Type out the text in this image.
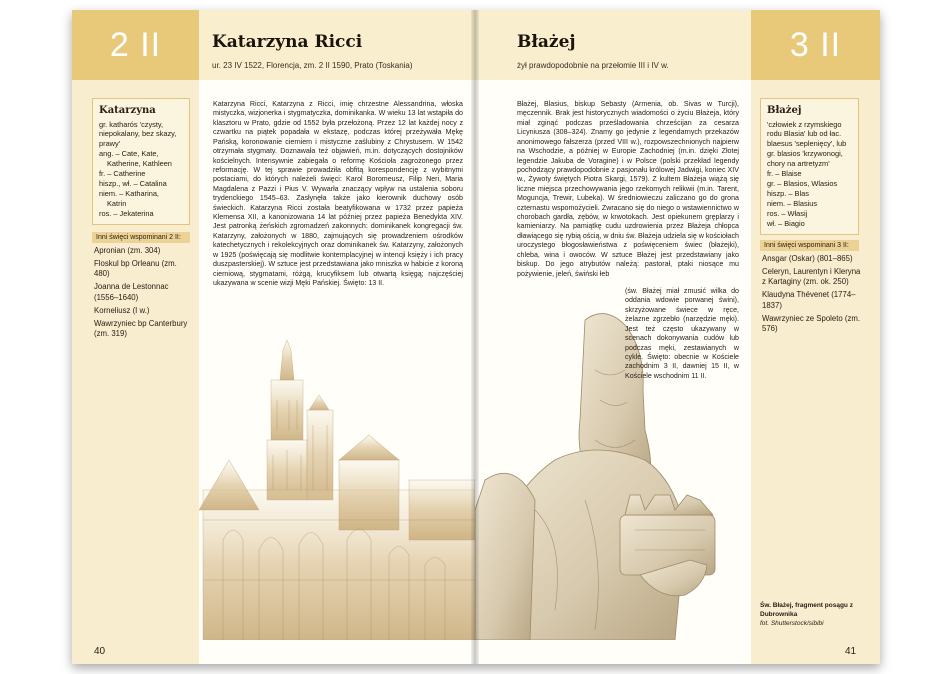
2 II	Katarzyna Ricci
ur. 23 IV 1522, Florencja, zm. 2 II 1590, Prato (Toskania)
Katarzyna
gr. katharós 'czysty,
niepokalany, bez skazy,
prawy'
ang. – Cate, Kate,
Katherine, Kathleen
fr. – Catherine
hiszp., wł. – Catalina
niem. – Katharina,
Katrin
ros. – Jekaterina
Inni święci wspominani 2 II:
Apronian (zm. 304)
Floskul bp Orleanu (zm. 480)
Joanna de Lestonnac (1556–1640)
Korneliusz (I w.)
Wawrzyniec bp Canterbury (zm. 319)

Katarzyna Ricci, Katarzyna z Ricci, imię chrzestne Alessandrina, włoska mistyczka, wizjonerka i stygmatyczka, dominikanka. W wieku 13 lat wstąpiła do klasztoru w Prato, gdzie od 1552 była przełożoną. Przez 12 lat każdej nocy z czwartku na piątek popadała w ekstazę, podczas której przeżywała Mękę Pańską, koronowanie cierniem i mistyczne zaślubiny z Chrystusem. W 1542 otrzymała stygmaty. Doznawała też objawień, m.in. dotyczących dostojników kościelnych. Intensywnie zabiegała o reformę Kościoła zagrożonego przez reformację. W tej sprawie prowadziła obfitą korespondencję z wybitnymi postaciami, do których należeli święci: Karol Boromeusz, Filip Neri, Maria Magdalena z Pazzi i Pius V. Wywarła znaczący wpływ na ustalenia soboru trydenckiego 1545–63. Zasłynęła także jako kierownik duchowy osób świeckich. Katarzyna Ricci została beatyfikowana w 1732 przez papieża Klemensa XII, a kanonizowana 14 lat później przez papieża Benedykta XIV. Jest patronką żeńskich zgromadzeń zakonnych: dominikanek kongregacji św. Katarzyny, założonych w 1880, zajmujących się prowadzeniem ośrodków katechetycznych i rekolekcyjnych oraz dominikanek św. Katarzyny, założonych w 1925 (poświęcają się modlitwie kontemplacyjnej w intencji księży i ich pracy duszpasterskiej). W sztuce jest przedstawiana jako mniszka w habicie z koroną cierniową, stygmatami, różgą, krucyfiksem lub otwartą księgą; najczęściej ukazywana w scenie wizji Męki Pańskiej. Święto: 13 II.

40
Błażej
żył prawdopodobnie na przełomie III i IV w.
3 II

Błażej, Blasius, biskup Sebasty (Armenia, ob. Sivas w Turcji), męczennik. Brak jest historycznych wiadomości o życiu Błażeja, który miał zginąć podczas prześladowania chrześcijan za cesarza Licyniusza (308–324). Znamy go jedynie z legendarnych przekazów anonimowego fałszerza (przed VIII w.), rozpowszechnionych najpierw na Wschodzie, a później w Europie Zachodniej (m.in. dzięki Złotej legendzie Jakuba de Voragine) i w Polsce (polski przekład legendy pochodzący prawdopodobnie z pasjonału królowej Jadwigi, koniec XIV w., Żywoty świętych Piotra Skargi, 1579). Z kultem Błażeja wiążą się liczne miejsca przechowywania jego rzekomych relikwii (m.in. Tarent, Moguncja, Trewir, Lubeka). W średniowieczu zaliczano go do grona czternastu wspomożycieli. Zwracano się do niego o wstawiennictwo w chorobach gardła, zębów, w krwotokach. Jest opiekunem gręplarzy i kamieniarzy. Na pamiątkę cudu uzdrowienia przez Błażeja chłopca dławiącego się rybią ością, w dniu św. Błażeja udziela się w kościołach uroczystego błogosławieństwa z poświęceniem świec (błażejki), chleba, wina i owoców. W sztuce Błażej jest przedstawiany jako biskup. Do jego atrybutów należą: pastorał, ptaki niosące mu pożywienie, jeleń, świński łeb

(św. Błażej miał zmusić wilka do oddania wdowie porwanej świni), skrzyżowane świece w ręce, żelazne zgrzebło (narzędzie męki). Jest też często ukazywany w scenach dokonywania cudów lub podczas męki, zestawianych w cykle. Święto: obecnie w Kościele zachodnim 3 II, dawniej 15 II, w Kościele wschodnim 11 II.

Błażej
'człowiek z rzymskiego
rodu Blasia' lub od łac.
blaesus 'seplenięcy', lub
gr. blasios 'krzywonogi,
chory na artretyzm'
fr. – Blaise
gr. – Blasios, Wlasios
hiszp. – Blas
niem. – Blasius
ros. – Własij
wł. – Biagio
Inni święci wspominani 3 II:
Ansgar (Oskar) (801–865)
Celeryn, Laurentyn i Kleryna z Kartaginy (zm. ok. 250)
Klaudyna Thévenet (1774–1837)
Wawrzyniec ze Spoleto (zm. 576)
Św. Błażej, fragment posągu z Dubrownika
fot. Shutterstock/sibibi
41
